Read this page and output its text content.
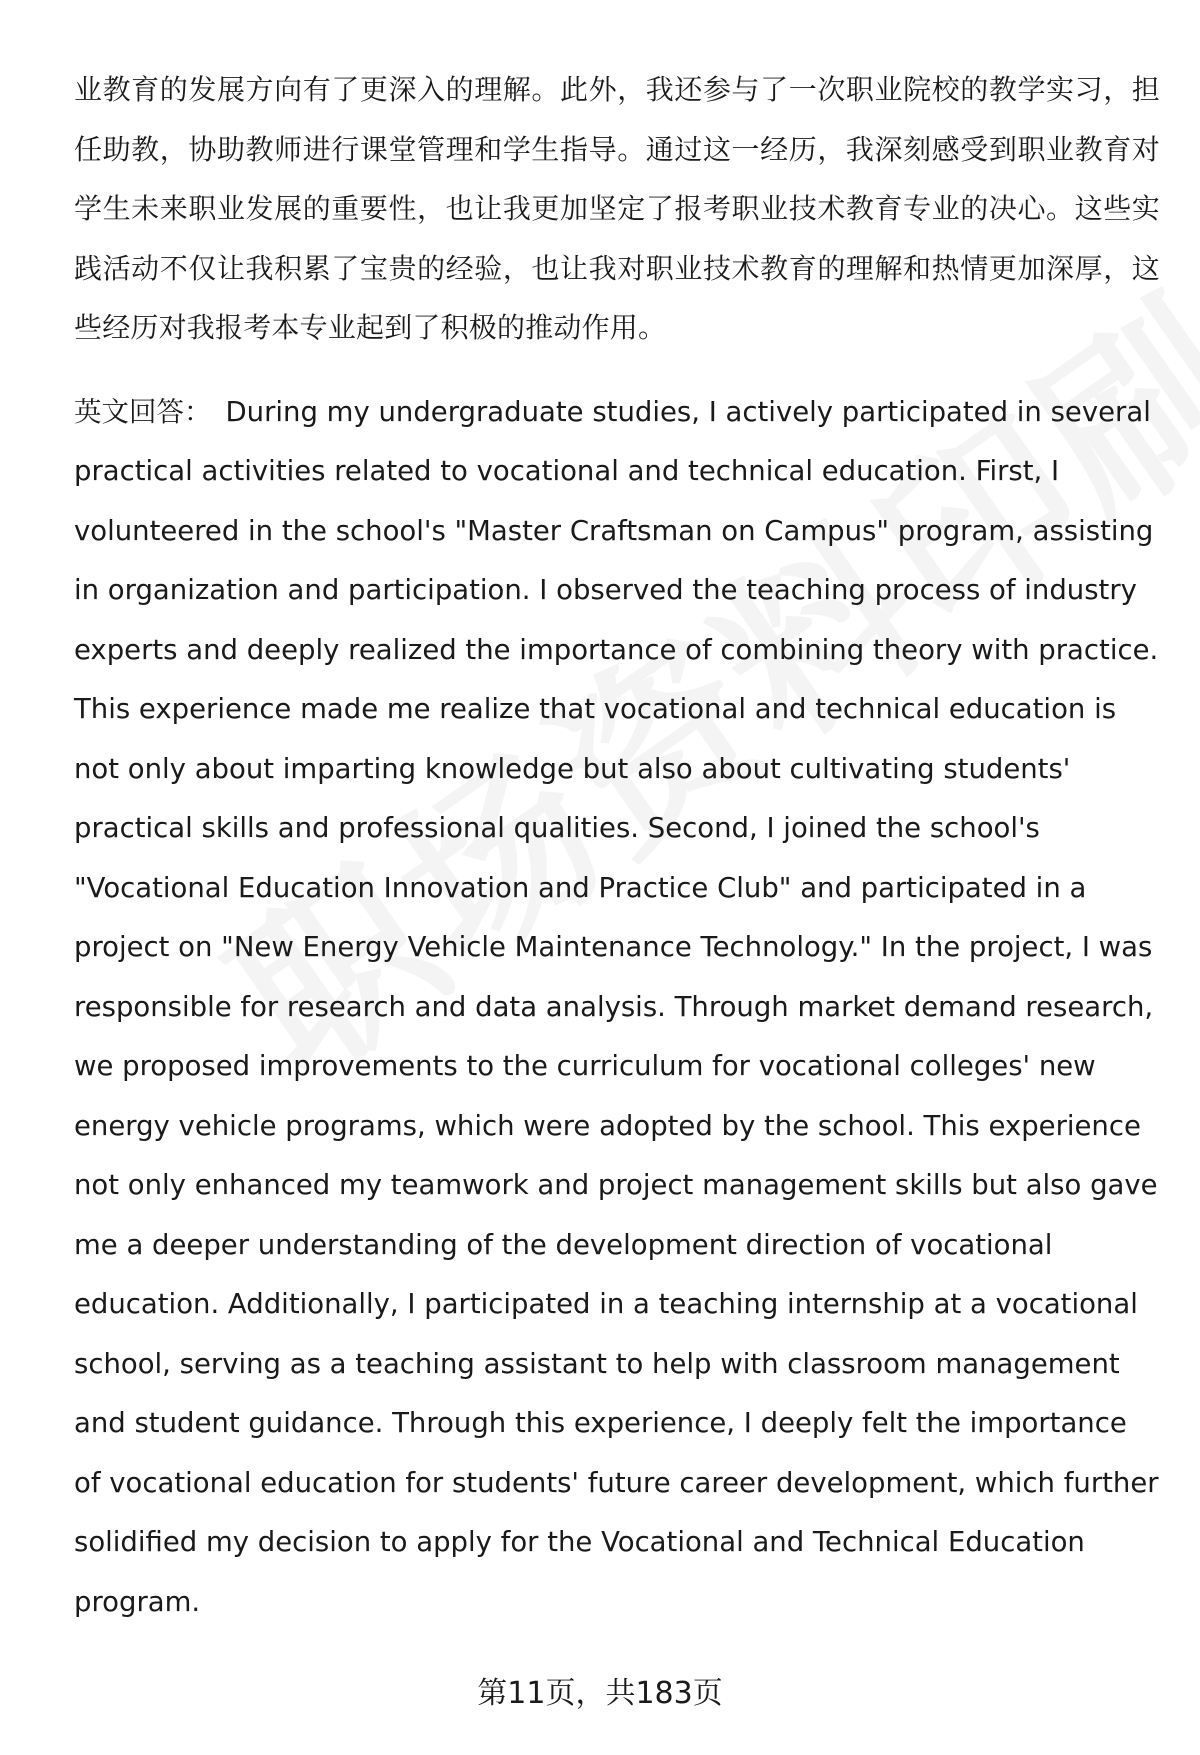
业教育的发展方向有了更深入的理解。此外，我还参与了一次职业院校的教学实习，担任助教，协助教师进行课堂管理和学生指导。通过这一经历，我深刻感受到职业教育对学生未来职业发展的重要性，也让我更加坚定了报考职业技术教育专业的决心。这些实践活动不仅让我积累了宝贵的经验，也让我对职业技术教育的理解和热情更加深厚，这些经历对我报考本专业起到了积极的推动作用。

英文回答： During my undergraduate studies, I actively participated in several practical activities related to vocational and technical education. First, I volunteered in the school's "Master Craftsman on Campus" program, assisting in organization and participation. I observed the teaching process of industry experts and deeply realized the importance of combining theory with practice. This experience made me realize that vocational and technical education is not only about imparting knowledge but also about cultivating students' practical skills and professional qualities. Second, I joined the school's "Vocational Education Innovation and Practice Club" and participated in a project on "New Energy Vehicle Maintenance Technology." In the project, I was responsible for research and data analysis. Through market demand research, we proposed improvements to the curriculum for vocational colleges' new energy vehicle programs, which were adopted by the school. This experience not only enhanced my teamwork and project management skills but also gave me a deeper understanding of the development direction of vocational education. Additionally, I participated in a teaching internship at a vocational school, serving as a teaching assistant to help with classroom management and student guidance. Through this experience, I deeply felt the importance of vocational education for students' future career development, which further solidified my decision to apply for the Vocational and Technical Education program.

第11页，共183页
